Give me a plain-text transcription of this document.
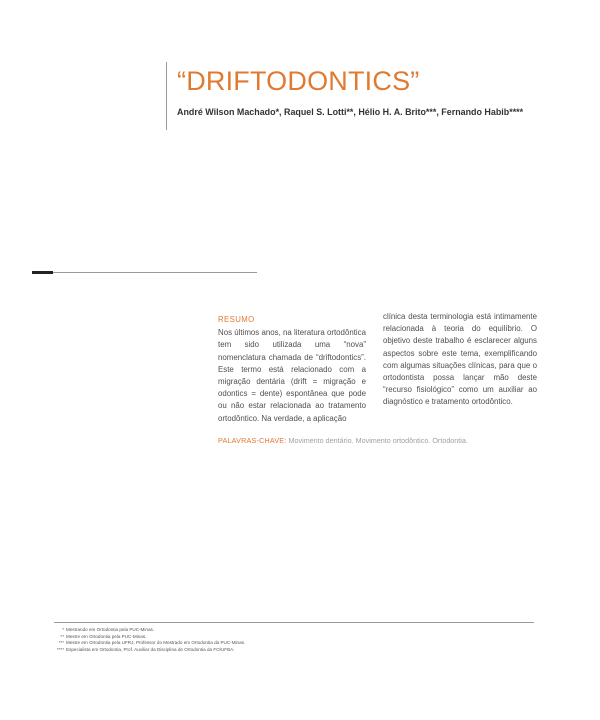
“DRIFTODONTICS”
André Wilson Machado*, Raquel S. Lotti**, Hélio H. A. Brito***, Fernando Habib****
RESUMO
Nos últimos anos, na literatura ortodôntica tem sido utilizada uma “nova” nomenclatura chamada de “driftodontics”. Este termo está relacionado com a migração dentária (drift = migração e odontics = dente) espontânea que pode ou não estar relacionada ao tratamento ortodôntico. Na verdade, a aplicação
clínica desta terminologia está intimamente relacionada à teoria do equilíbrio. O objetivo deste trabalho é esclarecer alguns aspectos sobre este tema, exemplificando com algumas situações clínicas, para que o ortodontista possa lançar mão deste “recurso fisiológico” como um auxiliar ao diagnóstico e tratamento ortodôntico.
PALAVRAS-CHAVE: Movimento dentário. Movimento ortodôntico. Ortodontia.
* Mestrando em Ortodontia pela PUC-Minas.
** Mestre em Ortodontia pela PUC-Minas.
*** Mestre em Ortodontia pela UFRJ, Professor do Mestrado em Ortodontia da PUC-Minas.
**** Especialista em Ortodontia, Prof. Auxiliar da Disciplina de Ortodontia da FO/UFBA.
